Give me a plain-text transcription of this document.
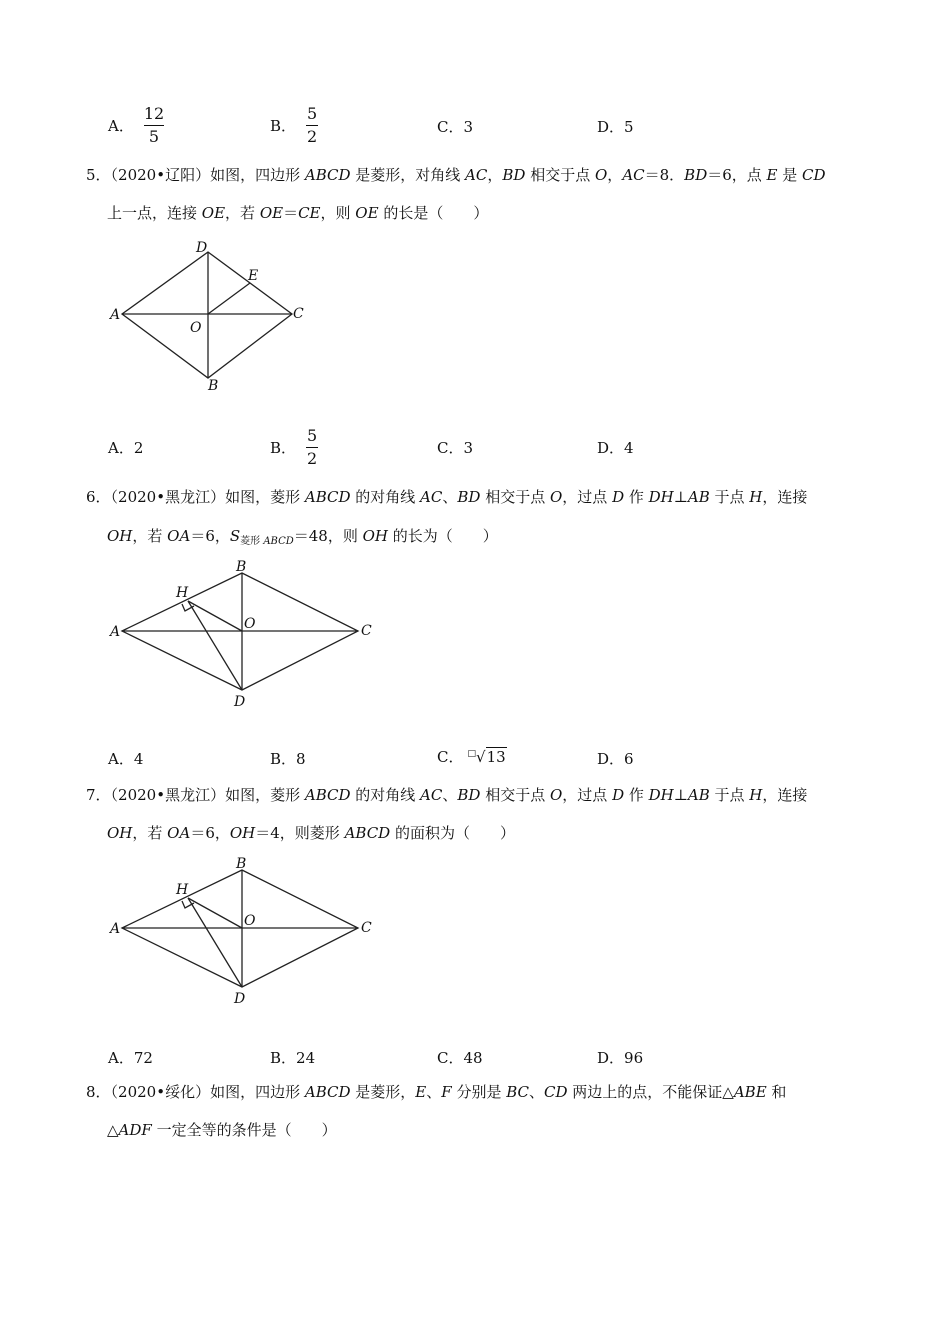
A． $\frac{12}{5}$	B． $\frac{5}{2}$	C．3	D．5
5．（2020•辽阳）如图，四边形 ABCD 是菱形，对角线 AC，BD 相交于点 O，AC＝8．BD＝6，点 E 是 CD
上一点，连接 OE，若 OE＝CE，则 OE 的长是（　　）
A
D
E
C
O
B
A．2	B． $\frac{5}{2}$	C．3	D．4
6．（2020•黑龙江）如图，菱形 ABCD 的对角线 AC、BD 相交于点 O，过点 D 作 DH⊥AB 于点 H，连接
OH，若 OA＝6，$S_{菱形}$ $_{ABCD}$＝48，则 OH 的长为（　　）
A
B
H
O	C
D
A．4	B．8	C． □√13	D．6
7．（2020•黑龙江）如图，菱形 ABCD 的对角线 AC、BD 相交于点 O，过点 D 作 DH⊥AB 于点 H，连接
OH，若 OA＝6，OH＝4，则菱形 ABCD 的面积为（　　）
A
B
H
O	C
D
A．72	B．24	C．48	D．96
8．（2020•绥化）如图，四边形 ABCD 是菱形，E、F 分别是 BC、CD 两边上的点，不能保证△ABE 和
△ADF 一定全等的条件是（　　）
